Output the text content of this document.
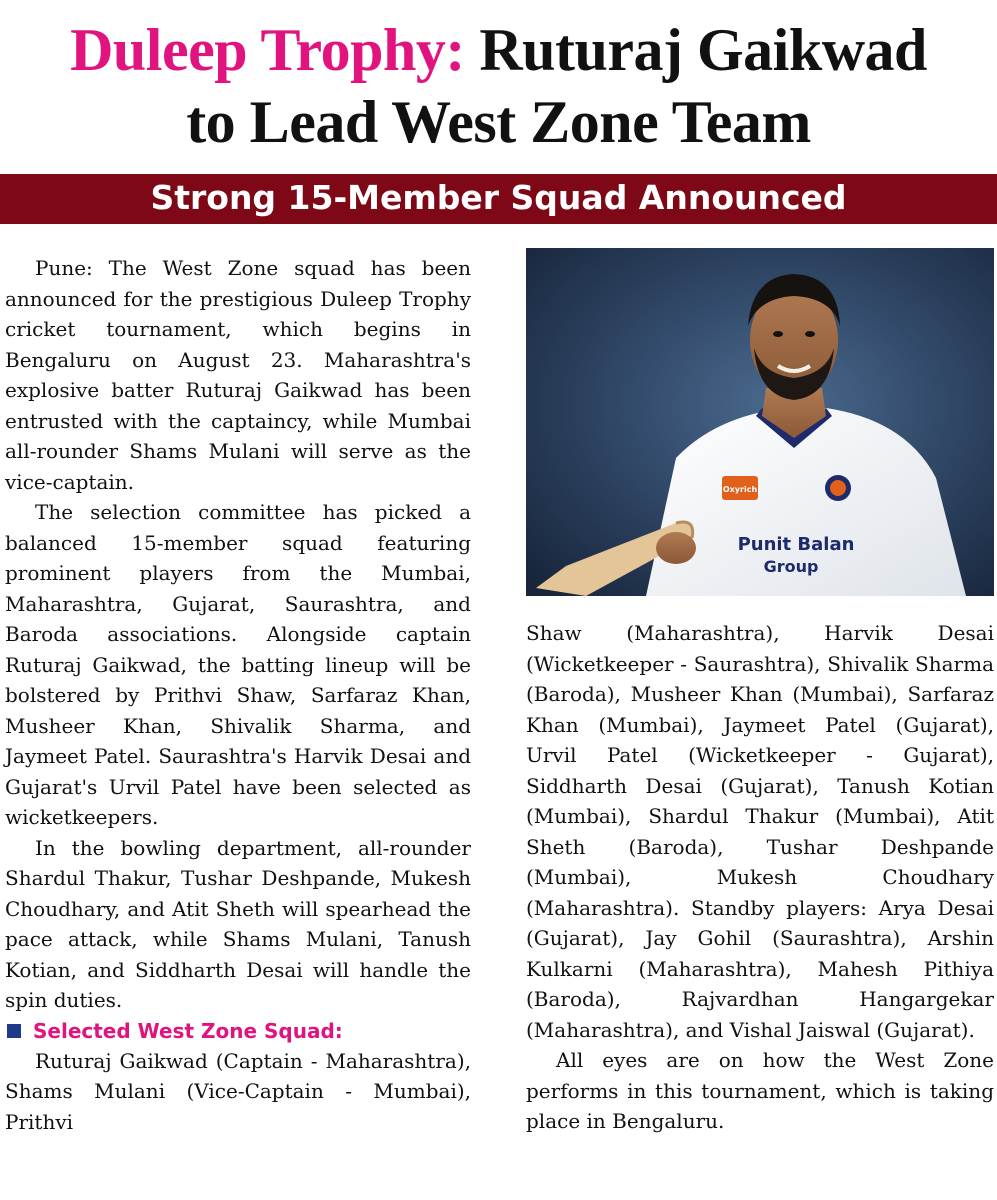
Duleep Trophy: Ruturaj Gaikwad
to Lead West Zone Team
Strong 15-Member Squad Announced

Pune: The West Zone squad has been announced for the prestigious Duleep Trophy cricket tournament, which begins in Bengaluru on August 23. Maharashtra's explosive batter Ruturaj Gaikwad has been entrusted with the captaincy, while Mumbai all-rounder Shams Mulani will serve as the vice-captain.

The selection committee has picked a balanced 15-member squad featuring prominent players from the Mumbai, Maharashtra, Gujarat, Saurashtra, and Baroda associations. Alongside captain Ruturaj Gaikwad, the batting lineup will be bolstered by Prithvi Shaw, Sarfaraz Khan, Musheer Khan, Shivalik Sharma, and Jaymeet Patel. Saurashtra's Harvik Desai and Gujarat's Urvil Patel have been selected as wicketkeepers.

In the bowling department, all-rounder Shardul Thakur, Tushar Deshpande, Mukesh Choudhary, and Atit Sheth will spearhead the pace attack, while Shams Mulani, Tanush Kotian, and Siddharth Desai will handle the spin duties.

Selected West Zone Squad:

Ruturaj Gaikwad (Captain - Maharashtra), Shams Mulani (Vice-Captain - Mumbai), Prithvi

Oxyrich
Punit Balan
Group

Shaw (Maharashtra), Harvik Desai (Wicketkeeper - Saurashtra), Shivalik Sharma (Baroda), Musheer Khan (Mumbai), Sarfaraz Khan (Mumbai), Jaymeet Patel (Gujarat), Urvil Patel (Wicketkeeper - Gujarat), Siddharth Desai (Gujarat), Tanush Kotian (Mumbai), Shardul Thakur (Mumbai), Atit Sheth (Baroda), Tushar Deshpande (Mumbai), Mukesh Choudhary (Maharashtra). Standby players: Arya Desai (Gujarat), Jay Gohil (Saurashtra), Arshin Kulkarni (Maharashtra), Mahesh Pithiya (Baroda), Rajvardhan Hangargekar (Maharashtra), and Vishal Jaiswal (Gujarat).

All eyes are on how the West Zone performs in this tournament, which is taking place in Bengaluru.
